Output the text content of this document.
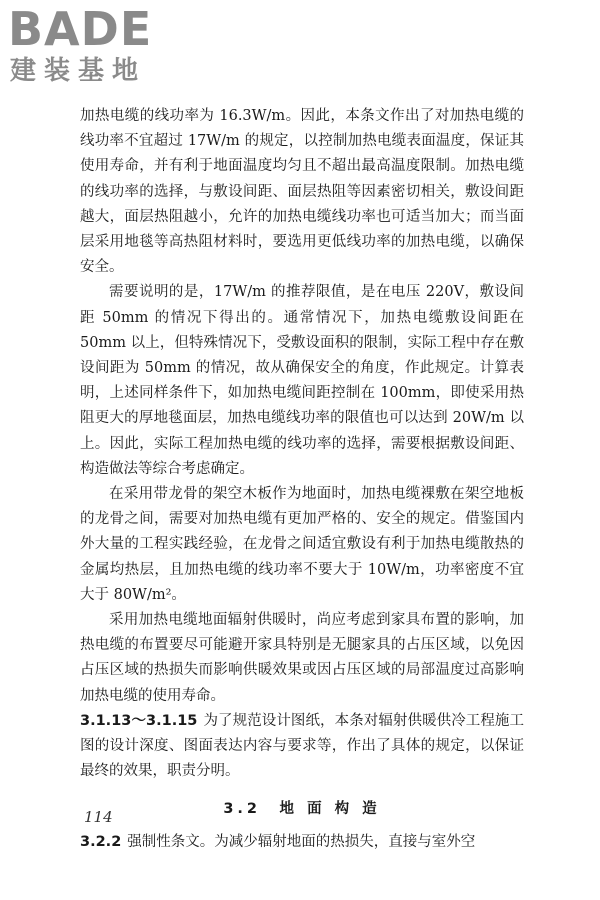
BADE
建装基地

加热电缆的线功率为 16.3W/m。因此，本条文作出了对加热电缆的线功率不宜超过 17W/m 的规定，以控制加热电缆表面温度，保证其使用寿命，并有利于地面温度均匀且不超出最高温度限制。加热电缆的线功率的选择，与敷设间距、面层热阻等因素密切相关，敷设间距越大，面层热阻越小，允许的加热电缆线功率也可适当加大；而当面层采用地毯等高热阻材料时，要选用更低线功率的加热电缆，以确保安全。

需要说明的是，17W/m 的推荐限值，是在电压 220V，敷设间距 50mm 的情况下得出的。通常情况下，加热电缆敷设间距在 50mm 以上，但特殊情况下，受敷设面积的限制，实际工程中存在敷设间距为 50mm 的情况，故从确保安全的角度，作此规定。计算表明，上述同样条件下，如加热电缆间距控制在 100mm，即使采用热阻更大的厚地毯面层，加热电缆线功率的限值也可以达到 20W/m 以上。因此，实际工程加热电缆的线功率的选择，需要根据敷设间距、构造做法等综合考虑确定。

在采用带龙骨的架空木板作为地面时，加热电缆裸敷在架空地板的龙骨之间，需要对加热电缆有更加严格的、安全的规定。借鉴国内外大量的工程实践经验，在龙骨之间适宜敷设有利于加热电缆散热的金属均热层，且加热电缆的线功率不要大于 10W/m，功率密度不宜大于 80W/m²。

采用加热电缆地面辐射供暖时，尚应考虑到家具布置的影响，加热电缆的布置要尽可能避开家具特别是无腿家具的占压区域，以免因占压区域的热损失而影响供暖效果或因占压区域的局部温度过高影响加热电缆的使用寿命。

3.1.13～3.1.15 为了规范设计图纸，本条对辐射供暖供冷工程施工图的设计深度、图面表达内容与要求等，作出了具体的规定，以保证最终的效果，职责分明。

3.2　地 面 构 造

3.2.2 强制性条文。为减少辐射地面的热损失，直接与室外空

114
